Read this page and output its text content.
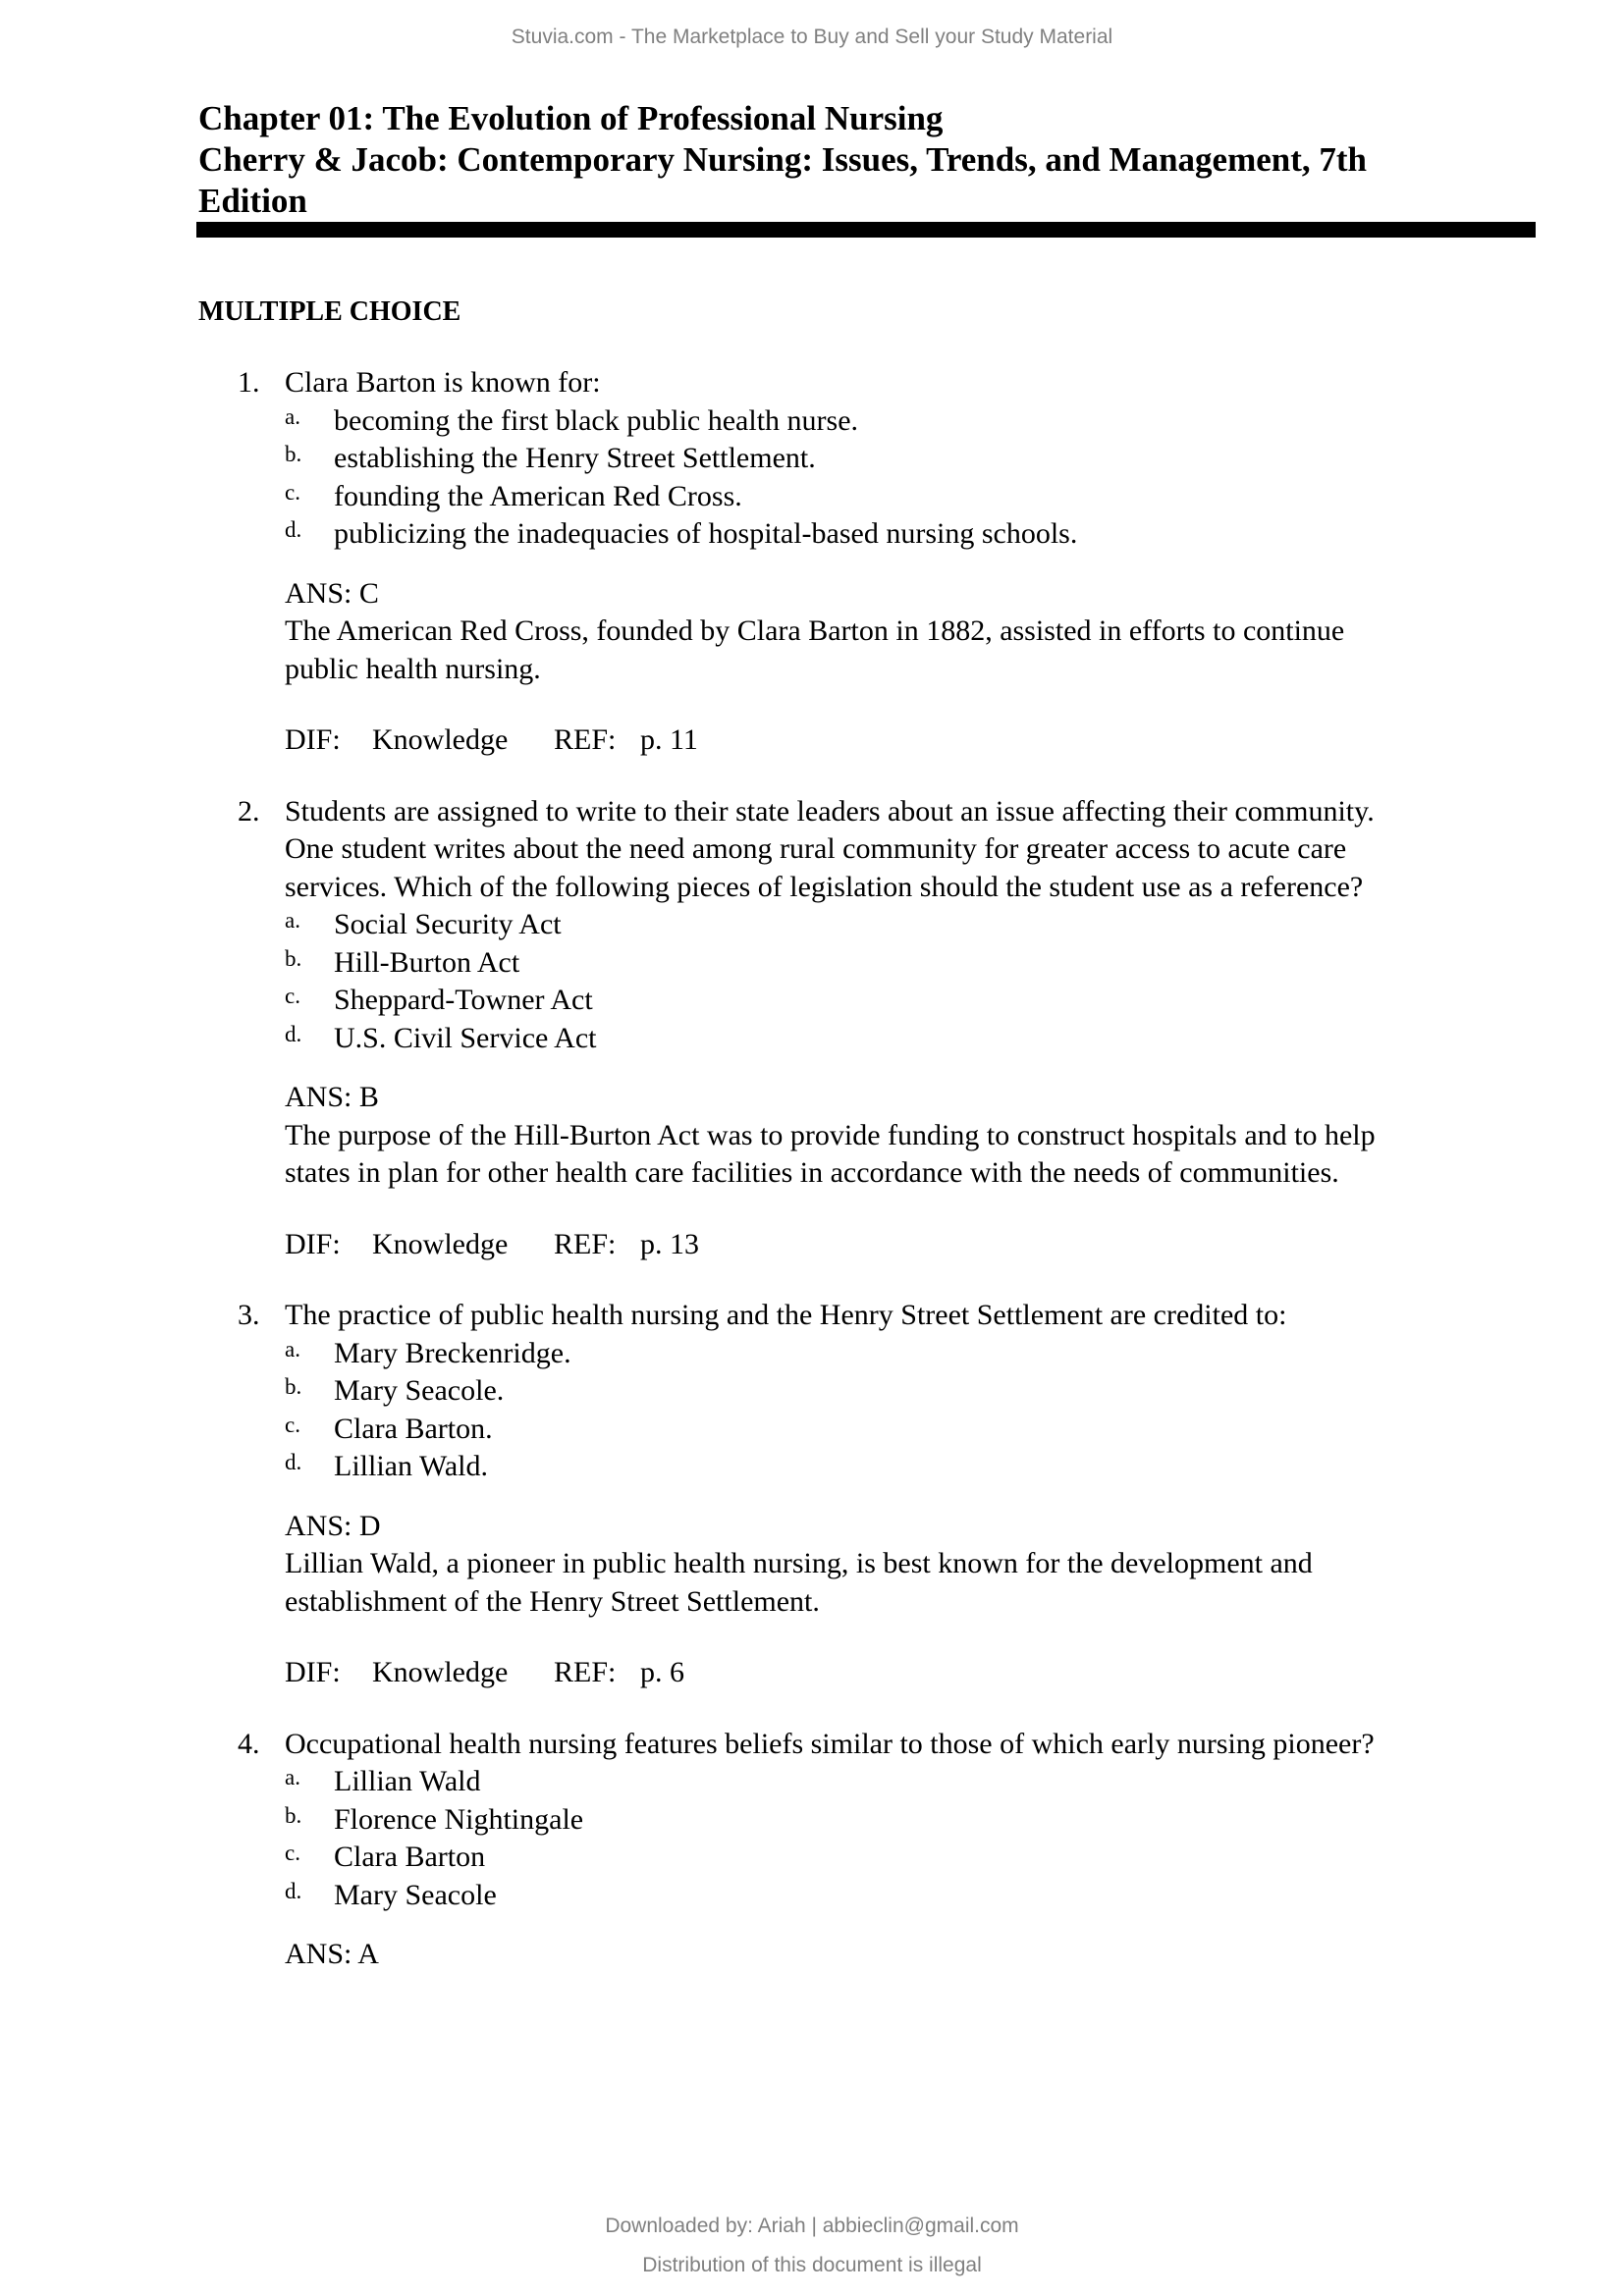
Stuvia.com - The Marketplace to Buy and Sell your Study Material
Chapter 01: The Evolution of Professional Nursing
Cherry & Jacob: Contemporary Nursing: Issues, Trends, and Management, 7th
Edition
MULTIPLE CHOICE
1. Clara Barton is known for:
a. becoming the first black public health nurse.
b. establishing the Henry Street Settlement.
c. founding the American Red Cross.
d. publicizing the inadequacies of hospital-based nursing schools.
ANS: C
The American Red Cross, founded by Clara Barton in 1882, assisted in efforts to continue
public health nursing.
DIF: Knowledge REF: p. 11
2. Students are assigned to write to their state leaders about an issue affecting their community.
One student writes about the need among rural community for greater access to acute care
services. Which of the following pieces of legislation should the student use as a reference?
a. Social Security Act
b. Hill-Burton Act
c. Sheppard-Towner Act
d. U.S. Civil Service Act
ANS: B
The purpose of the Hill-Burton Act was to provide funding to construct hospitals and to help
states in plan for other health care facilities in accordance with the needs of communities.
DIF: Knowledge REF: p. 13
3. The practice of public health nursing and the Henry Street Settlement are credited to:
a. Mary Breckenridge.
b. Mary Seacole.
c. Clara Barton.
d. Lillian Wald.
ANS: D
Lillian Wald, a pioneer in public health nursing, is best known for the development and
establishment of the Henry Street Settlement.
DIF: Knowledge REF: p. 6
4. Occupational health nursing features beliefs similar to those of which early nursing pioneer?
a. Lillian Wald
b. Florence Nightingale
c. Clara Barton
d. Mary Seacole
ANS: A
Downloaded by: Ariah | abbieclin@gmail.com
Distribution of this document is illegal
